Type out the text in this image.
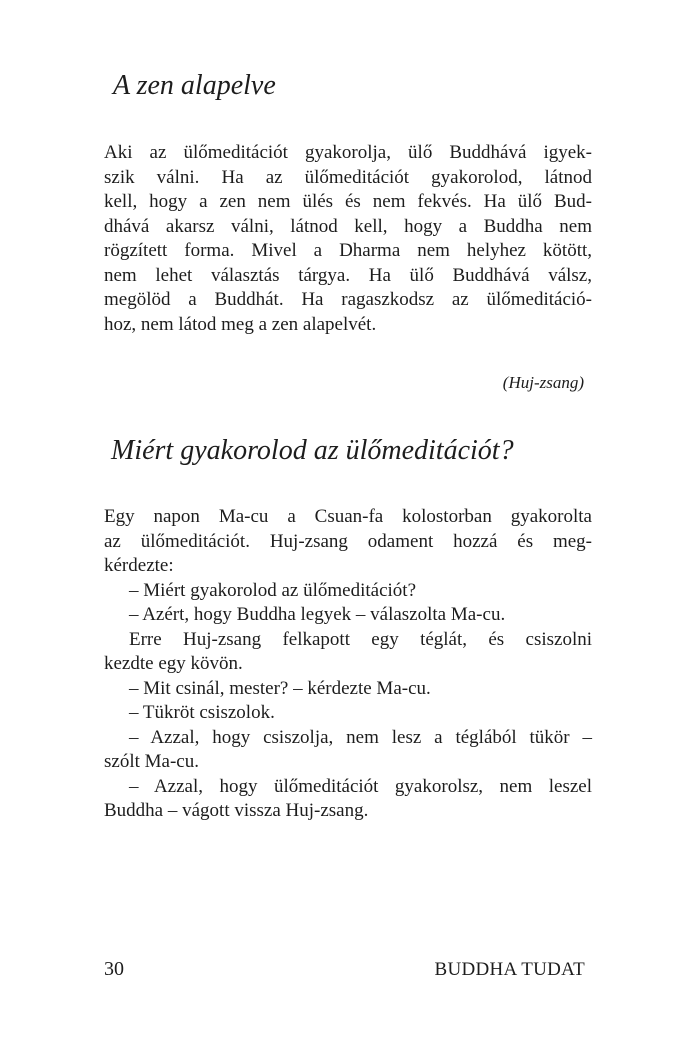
A zen alapelve
Aki az ülőmeditációt gyakorolja, ülő Buddhává igyek-
szik válni. Ha az ülőmeditációt gyakorolod, látnod
kell, hogy a zen nem ülés és nem fekvés. Ha ülő Bud-
dhává akarsz válni, látnod kell, hogy a Buddha nem
rögzített forma. Mivel a Dharma nem helyhez kötött,
nem lehet választás tárgya. Ha ülő Buddhává válsz,
megölöd a Buddhát. Ha ragaszkodsz az ülőmeditáció-
hoz, nem látod meg a zen alapelvét.
(Huj-zsang)
Miért gyakorolod az ülőmeditációt?
Egy napon Ma-cu a Csuan-fa kolostorban gyakorolta
az ülőmeditációt. Huj-zsang odament hozzá és meg-
kérdezte:
– Miért gyakorolod az ülőmeditációt?
– Azért, hogy Buddha legyek – válaszolta Ma-cu.
Erre Huj-zsang felkapott egy téglát, és csiszolni
kezdte egy kövön.
– Mit csinál, mester? – kérdezte Ma-cu.
– Tükröt csiszolok.
– Azzal, hogy csiszolja, nem lesz a téglából tükör –
szólt Ma-cu.
– Azzal, hogy ülőmeditációt gyakorolsz, nem leszel
Buddha – vágott vissza Huj-zsang.
30	BUDDHA TUDAT
